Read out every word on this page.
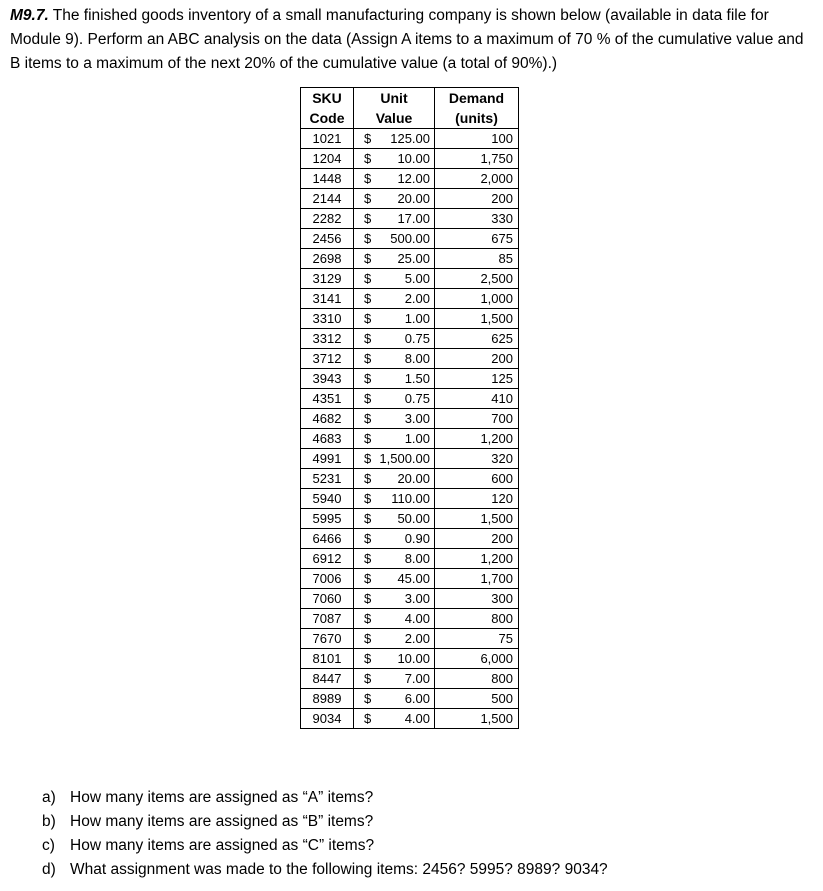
M9.7. The finished goods inventory of a small manufacturing company is shown below (available in data file for Module 9). Perform an ABC analysis on the data (Assign A items to a maximum of 70 % of the cumulative value and B items to a maximum of the next 20% of the cumulative value (a total of 90%).)

SKU	Unit	Demand
Code	Value	(units)
1021	$ 125.00	100
1204	$ 10.00	1,750
1448	$ 12.00	2,000
2144	$ 20.00	200
2282	$ 17.00	330
2456	$ 500.00	675
2698	$ 25.00	85
3129	$ 5.00	2,500
3141	$ 2.00	1,000
3310	$ 1.00	1,500
3312	$ 0.75	625
3712	$ 8.00	200
3943	$ 1.50	125
4351	$ 0.75	410
4682	$ 3.00	700
4683	$ 1.00	1,200
4991	$ 1,500.00	320
5231	$ 20.00	600
5940	$ 110.00	120
5995	$ 50.00	1,500
6466	$ 0.90	200
6912	$ 8.00	1,200
7006	$ 45.00	1,700
7060	$ 3.00	300
7087	$ 4.00	800
7670	$ 2.00	75
8101	$ 10.00	6,000
8447	$ 7.00	800
8989	$ 6.00	500
9034	$ 4.00	1,500
a) How many items are assigned as “A” items?
b) How many items are assigned as “B” items?
c) How many items are assigned as “C” items?
d) What assignment was made to the following items: 2456? 5995? 8989? 9034?
